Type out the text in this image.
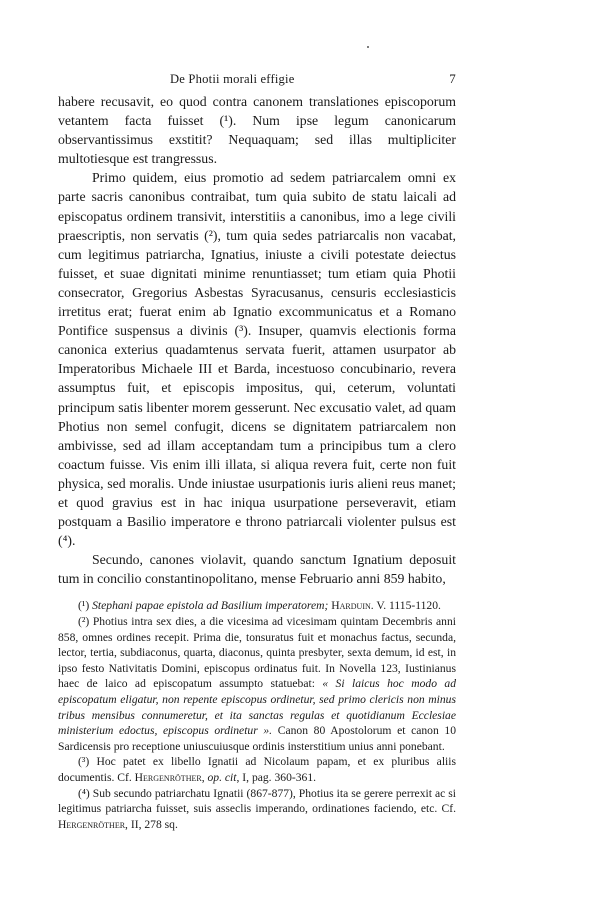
De Photii morali effigie	7

habere recusavit, eo quod contra canonem translationes episcoporum vetantem facta fuisset (¹). Num ipse legum canonicarum observantissimus exstitit? Nequaquam; sed illas multipliciter multotiesque est trangressus.

Primo quidem, eius promotio ad sedem patriarcalem omni ex parte sacris canonibus contraibat, tum quia subito de statu laicali ad episcopatus ordinem transivit, interstitiis a canonibus, imo a lege civili praescriptis, non servatis (²), tum quia sedes patriarcalis non vacabat, cum legitimus patriarcha, Ignatius, iniuste a civili potestate deiectus fuisset, et suae dignitati minime renuntiasset; tum etiam quia Photii consecrator, Gregorius Asbestas Syracusanus, censuris ecclesiasticis irretitus erat; fuerat enim ab Ignatio excommunicatus et a Romano Pontifice suspensus a divinis (³). Insuper, quamvis electionis forma canonica exterius quadamtenus servata fuerit, attamen usurpator ab Imperatoribus Michaele III et Barda, incestuoso concubinario, revera assumptus fuit, et episcopis impositus, qui, ceterum, voluntati principum satis libenter morem gesserunt. Nec excusatio valet, ad quam Photius non semel confugit, dicens se dignitatem patriarcalem non ambivisse, sed ad illam acceptandam tum a principibus tum a clero coactum fuisse. Vis enim illi illata, si aliqua revera fuit, certe non fuit physica, sed moralis. Unde iniustae usurpationis iuris alieni reus manet; et quod gravius est in hac iniqua usurpatione perseveravit, etiam postquam a Basilio imperatore e throno patriarcali violenter pulsus est (⁴).

Secundo, canones violavit, quando sanctum Ignatium deposuit tum in concilio constantinopolitano, mense Februario anni 859 habito,

(¹) Stephani papae epistola ad Basilium imperatorem; Harduin. V. 1115-1120.

(²) Photius intra sex dies, a die vicesima ad vicesimam quintam Decembris anni 858, omnes ordines recepit. Prima die, tonsuratus fuit et monachus factus, secunda, lector, tertia, subdiaconus, quarta, diaconus, quinta presbyter, sexta demum, id est, in ipso festo Nativitatis Domini, episcopus ordinatus fuit. In Novella 123, Iustinianus haec de laico ad episcopatum assumpto statuebat: « Si laicus hoc modo ad episcopatum eligatur, non repente episcopus ordinetur, sed primo clericis non minus tribus mensibus connumeretur, et ita sanctas regulas et quotidianum Ecclesiae ministerium edoctus, episcopus ordinetur ». Canon 80 Apostolorum et canon 10 Sardicensis pro receptione uniuscuiusque ordinis insterstitium unius anni ponebant.

(³) Hoc patet ex libello Ignatii ad Nicolaum papam, et ex pluribus aliis documentis. Cf. Hergenröther, op. cit, I, pag. 360-361.

(⁴) Sub secundo patriarchatu Ignatii (867-877), Photius ita se gerere perrexit ac si legitimus patriarcha fuisset, suis asseclis imperando, ordinationes faciendo, etc. Cf. Hergenröther, II, 278 sq.
